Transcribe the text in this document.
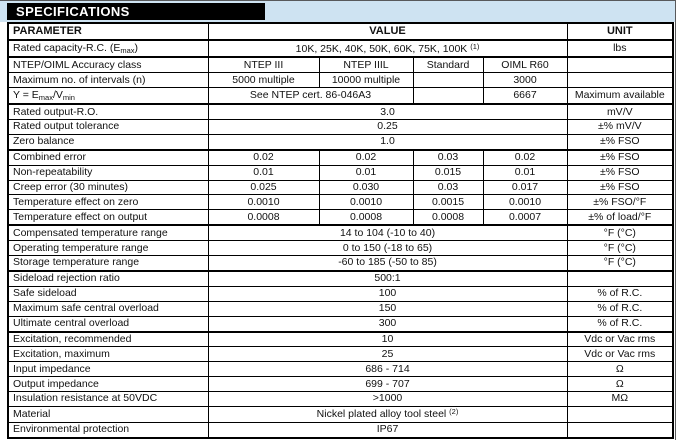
SPECIFICATIONS
PARAMETER	VALUE				UNIT
Rated capacity-R.C. $(E_{max})$	10K, 25K, 40K, 50K, 60K, 75K, 100K $^{(1)}$				lbs
NTEP/OIML Accuracy class	NTEP III	NTEP IIIL	Standard	OIML R60	
Maximum no. of intervals (n)	5000 multiple	10000 multiple		3000	
$Y = E_{max}/V_{min}$	See NTEP cert. 86-046A3			6667	Maximum available
Rated output-R.O.	3.0				mV/V
Rated output tolerance	0.25				±% mV/V
Zero balance	1.0				±% FSO
Combined error	0.02	0.02	0.03	0.02	±% FSO
Non-repeatability	0.01	0.01	0.015	0.01	±% FSO
Creep error (30 minutes)	0.025	0.030	0.03	0.017	±% FSO
Temperature effect on zero	0.0010	0.0010	0.0015	0.0010	±% FSO/°F
Temperature effect on output	0.0008	0.0008	0.0008	0.0007	±% of load/°F
Compensated temperature range	14 to 104 (-10 to 40)				°F (°C)
Operating temperature range	0 to 150 (-18 to 65)				°F (°C)
Storage temperature range	-60 to 185 (-50 to 85)				°F (°C)
Sideload rejection ratio	500:1				
Safe sideload	100				% of R.C.
Maximum safe central overload	150				% of R.C.
Ultimate central overload	300				% of R.C.
Excitation, recommended	10				Vdc or Vac rms
Excitation, maximum	25				Vdc or Vac rms
Input impedance	686 - 714				Ω
Output impedance	699 - 707				Ω
Insulation resistance at 50VDC	>1000				MΩ
Material	Nickel plated alloy tool steel $^{(2)}$	
Environmental protection	IP67				
